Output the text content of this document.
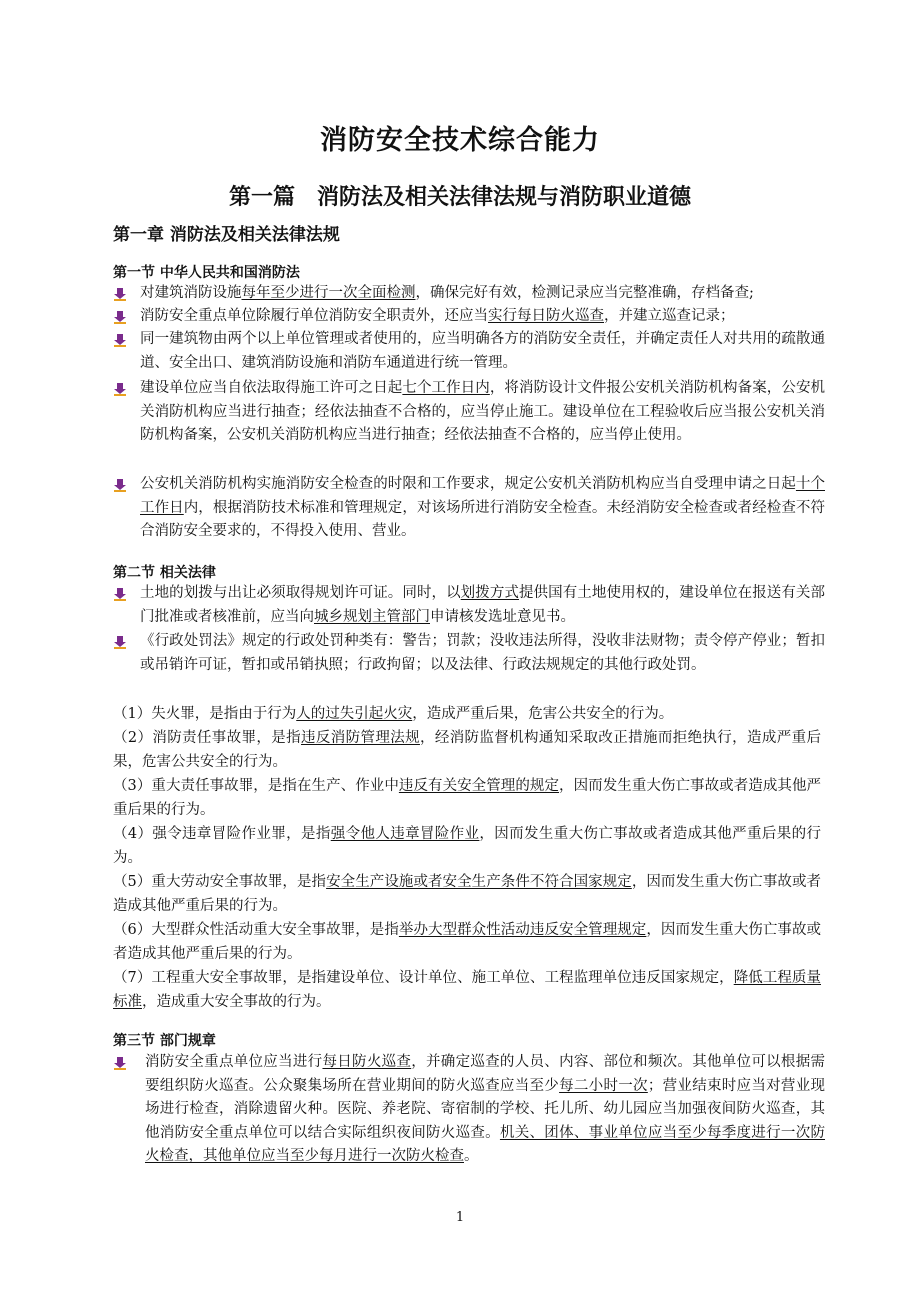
消防安全技术综合能力
第一篇　消防法及相关法律法规与消防职业道德
第一章 消防法及相关法律法规
第一节 中华人民共和国消防法
对建筑消防设施每年至少进行一次全面检测，确保完好有效，检测记录应当完整准确，存档备查;
消防安全重点单位除履行单位消防安全职责外，还应当实行每日防火巡查，并建立巡查记录；
同一建筑物由两个以上单位管理或者使用的，应当明确各方的消防安全责任，并确定责任人对共用的疏散通道、安全出口、建筑消防设施和消防车通道进行统一管理。
建设单位应当自依法取得施工许可之日起七个工作日内，将消防设计文件报公安机关消防机构备案，公安机关消防机构应当进行抽查；经依法抽查不合格的，应当停止施工。建设单位在工程验收后应当报公安机关消防机构备案，公安机关消防机构应当进行抽查；经依法抽查不合格的，应当停止使用。
公安机关消防机构实施消防安全检查的时限和工作要求，规定公安机关消防机构应当自受理申请之日起十个工作日内，根据消防技术标准和管理规定，对该场所进行消防安全检查。未经消防安全检查或者经检查不符合消防安全要求的，不得投入使用、营业。
第二节 相关法律
土地的划拨与出让必须取得规划许可证。同时，以划拨方式提供国有土地使用权的，建设单位在报送有关部门批准或者核准前，应当向城乡规划主管部门申请核发选址意见书。
《行政处罚法》规定的行政处罚种类有：警告；罚款；没收违法所得，没收非法财物；责令停产停业；暂扣或吊销许可证，暂扣或吊销执照；行政拘留；以及法律、行政法规规定的其他行政处罚。
（1）失火罪，是指由于行为人的过失引起火灾，造成严重后果，危害公共安全的行为。
（2）消防责任事故罪，是指违反消防管理法规，经消防监督机构通知采取改正措施而拒绝执行，造成严重后果，危害公共安全的行为。
（3）重大责任事故罪，是指在生产、作业中违反有关安全管理的规定，因而发生重大伤亡事故或者造成其他严重后果的行为。
（4）强令违章冒险作业罪，是指强令他人违章冒险作业，因而发生重大伤亡事故或者造成其他严重后果的行为。
（5）重大劳动安全事故罪，是指安全生产设施或者安全生产条件不符合国家规定，因而发生重大伤亡事故或者造成其他严重后果的行为。
（6）大型群众性活动重大安全事故罪，是指举办大型群众性活动违反安全管理规定，因而发生重大伤亡事故或者造成其他严重后果的行为。
（7）工程重大安全事故罪，是指建设单位、设计单位、施工单位、工程监理单位违反国家规定，降低工程质量标准，造成重大安全事故的行为。
第三节 部门规章
消防安全重点单位应当进行每日防火巡查，并确定巡查的人员、内容、部位和频次。其他单位可以根据需要组织防火巡查。公众聚集场所在营业期间的防火巡查应当至少每二小时一次；营业结束时应当对营业现场进行检查，消除遗留火种。医院、养老院、寄宿制的学校、托儿所、幼儿园应当加强夜间防火巡查，其他消防安全重点单位可以结合实际组织夜间防火巡查。机关、团体、事业单位应当至少每季度进行一次防火检查，其他单位应当至少每月进行一次防火检查。
1
